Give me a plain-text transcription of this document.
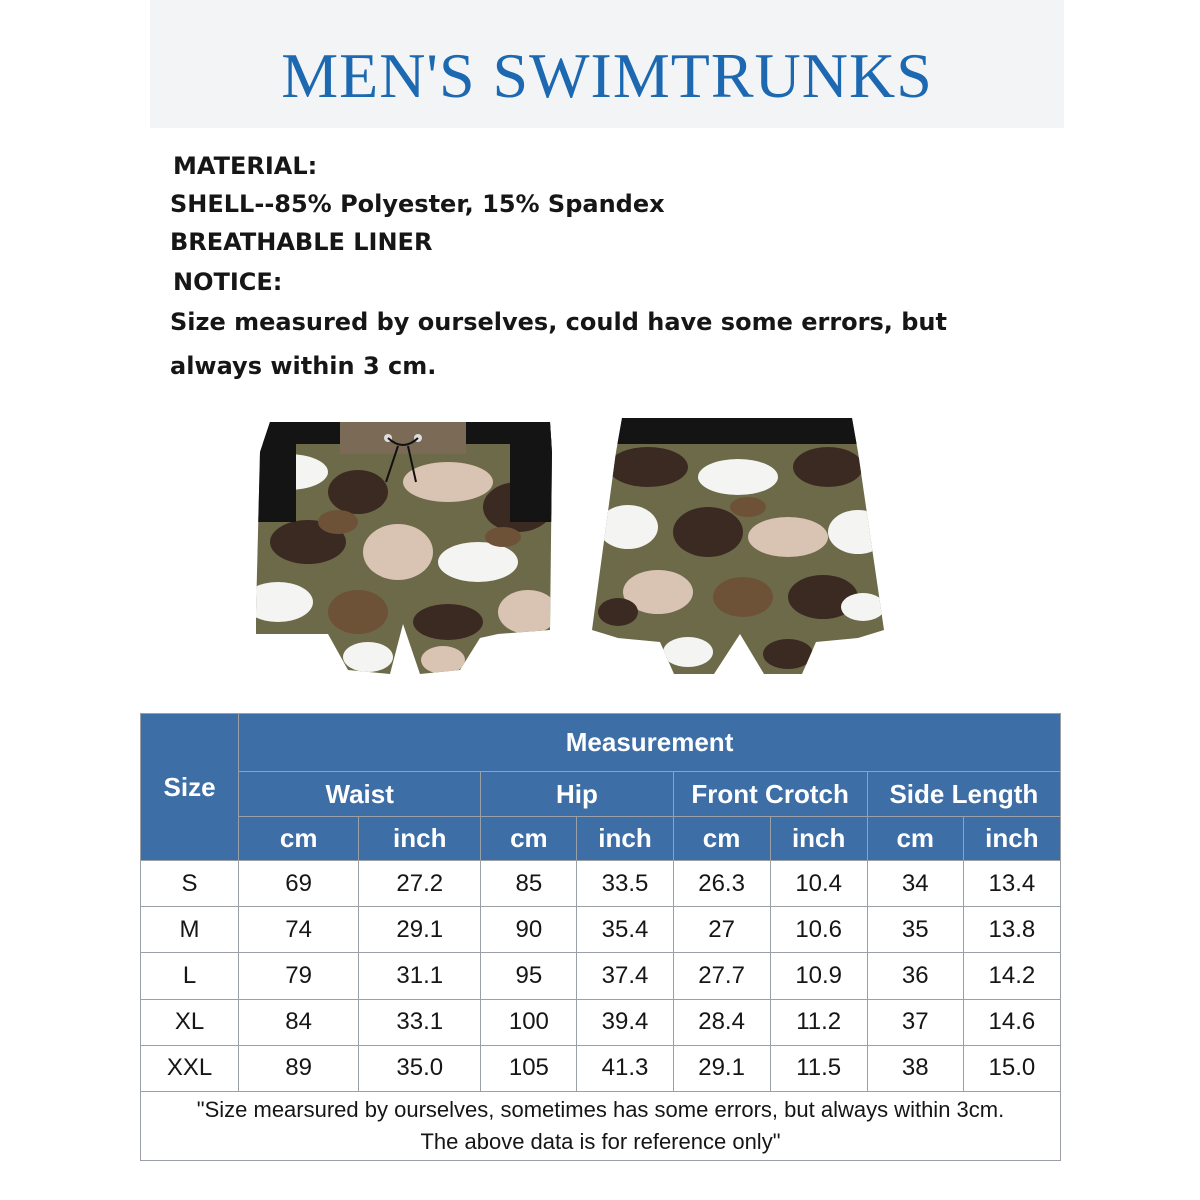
MEN'S SWIMTRUNKS
MATERIAL:
SHELL--85% Polyester, 15% Spandex
BREATHABLE LINER
NOTICE:
Size measured by ourselves, could have some errors, but
always within 3 cm.
Size	Measurement							
	Waist		Hip		Front Crotch		Side Length	
	cm	inch	cm	inch	cm	inch	cm	inch
S	69	27.2	85	33.5	26.3	10.4	34	13.4
M	74	29.1	90	35.4	27	10.6	35	13.8
L	79	31.1	95	37.4	27.7	10.9	36	14.2
XL	84	33.1	100	39.4	28.4	11.2	37	14.6
XXL	89	35.0	105	41.3	29.1	11.5	38	15.0

"Size mearsured by ourselves, sometimes has some errors, but always within 3cm.
The above data is for reference only"								
